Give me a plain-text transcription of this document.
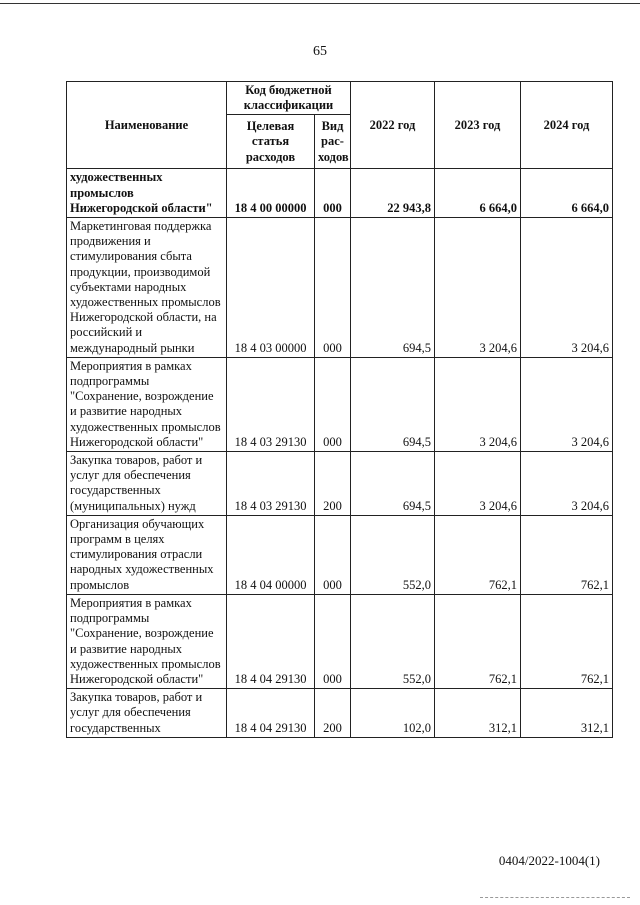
65
Наименование	Код бюджетной классификации		2022 год	2023 год	2024 год
	Целевая статья расходов	Вид рас-ходов			
художественных промыслов Нижегородской области"	18 4 00 00000	000	22 943,8	6 664,0	6 664,0
Маркетинговая поддержка продвижения и стимулирования сбыта продукции, производимой субъектами народных художественных промыслов Нижегородской области, на российский и международный рынки	18 4 03 00000	000	694,5	3 204,6	3 204,6
Мероприятия в рамках подпрограммы "Сохранение, возрождение и развитие народных художественных промыслов Нижегородской области"	18 4 03 29130	000	694,5	3 204,6	3 204,6
Закупка товаров, работ и услуг для обеспечения государственных (муниципальных) нужд	18 4 03 29130	200	694,5	3 204,6	3 204,6
Организация обучающих программ в целях стимулирования отрасли народных художественных промыслов	18 4 04 00000	000	552,0	762,1	762,1
Мероприятия в рамках подпрограммы "Сохранение, возрождение и развитие народных художественных промыслов Нижегородской области"	18 4 04 29130	000	552,0	762,1	762,1
Закупка товаров, работ и услуг для обеспечения государственных	18 4 04 29130	200	102,0	312,1	312,1
0404/2022-1004(1)
